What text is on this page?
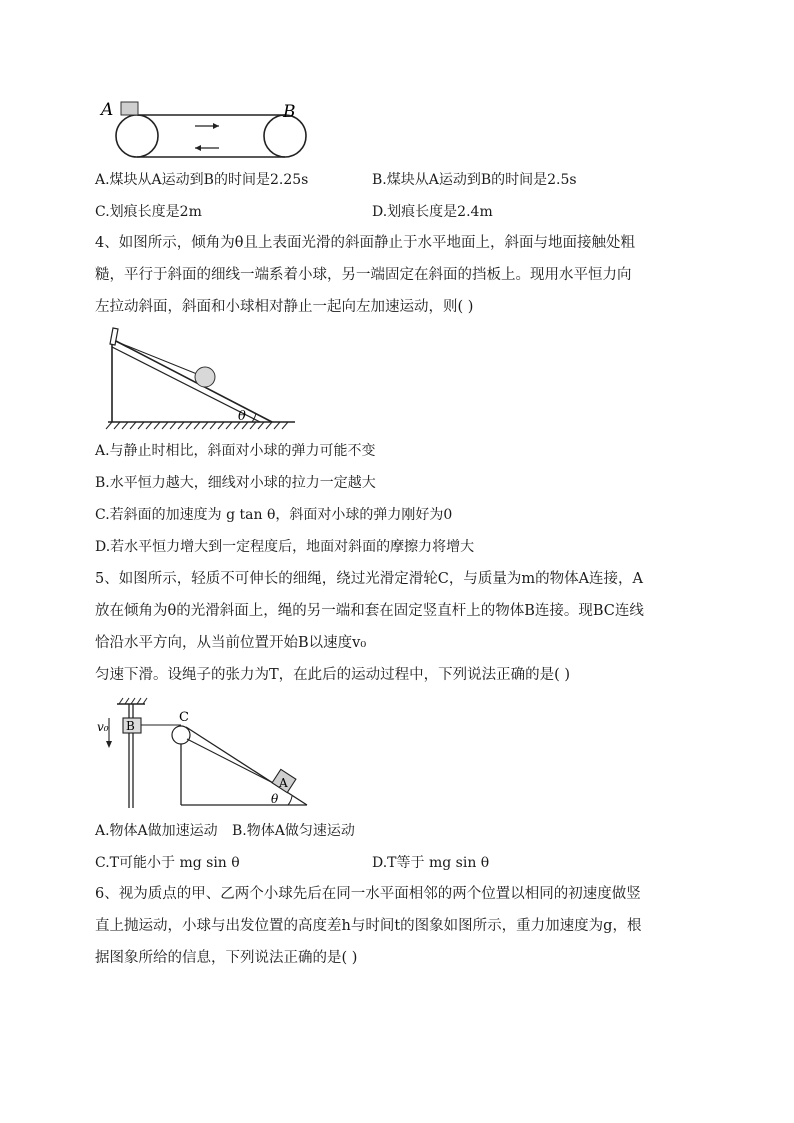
A	B
A.煤块从A运动到B的时间是2.25s	B.煤块从A运动到B的时间是2.5s
C.划痕长度是2m	D.划痕长度是2.4m
4、如图所示，倾角为θ且上表面光滑的斜面静止于水平地面上，斜面与地面接触处粗
糙，平行于斜面的细线一端系着小球，另一端固定在斜面的挡板上。现用水平恒力向
左拉动斜面，斜面和小球相对静止一起向左加速运动，则( )
θ
A.与静止时相比，斜面对小球的弹力可能不变
B.水平恒力越大，细线对小球的拉力一定越大
C.若斜面的加速度为 g tan θ，斜面对小球的弹力刚好为0
D.若水平恒力增大到一定程度后，地面对斜面的摩擦力将增大
5、如图所示，轻质不可伸长的细绳，绕过光滑定滑轮C，与质量为m的物体A连接，A
放在倾角为θ的光滑斜面上，绳的另一端和套在固定竖直杆上的物体B连接。现BC连线
恰沿水平方向，从当前位置开始B以速度v₀
匀速下滑。设绳子的张力为T，在此后的运动过程中，下列说法正确的是( )
B
v₀
C
A
θ
A.物体A做加速运动 B.物体A做匀速运动
C.T可能小于 mg sin θ	D.T等于 mg sin θ
6、视为质点的甲、乙两个小球先后在同一水平面相邻的两个位置以相同的初速度做竖
直上抛运动，小球与出发位置的高度差h与时间t的图象如图所示，重力加速度为g，根
据图象所给的信息，下列说法正确的是( )
